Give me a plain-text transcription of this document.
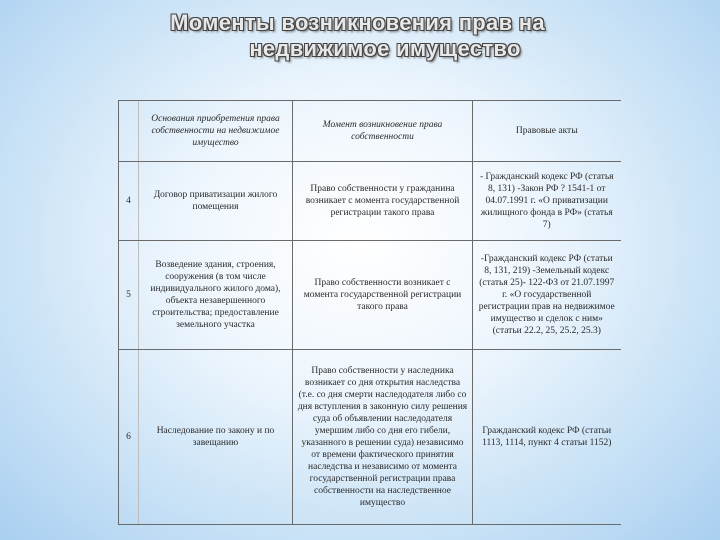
Моменты возникновения прав на
недвижимое имущество
	Основания приобретения права собственности на недвижимое имущество	Момент возникновение права собственности	Правовые акты
4	Договор приватизации жилого помещения	Право собственности у гражданина возникает с момента государственной регистрации такого права	- Гражданский кодекс РФ (статья 8, 131) -Закон РФ ? 1541-1 от 04.07.1991 г. «О приватизации жилищного фонда в РФ» (статья 7)
5	Возведение здания, строения, сооружения (в том числе индивидуального жилого дома), объекта незавершенного строительства; предоставление земельного участка	Право собственности возникает с момента государственной регистрации такого права	-Гражданский кодекс РФ (статьи 8, 131, 219) -Земельный кодекс (статья 25)- 122-ФЗ от 21.07.1997 г. «О государственной регистрации прав на недвижимое имущество и сделок с ним» (статьи 22.2, 25, 25.2, 25.3)
6	Наследование по закону и по завещанию	Право собственности у наследника возникает со дня открытия наследства (т.е. со дня смерти наследодателя либо со дня вступления в законную силу решения суда об объявлении наследодателя умершим либо со дня его гибели, указанного в решении суда) независимо от времени фактического принятия наследства и независимо от момента государственной регистрации права собственности на наследственное имущество	Гражданский кодекс РФ (статьи 1113, 1114, пункт 4 статьи 1152)
